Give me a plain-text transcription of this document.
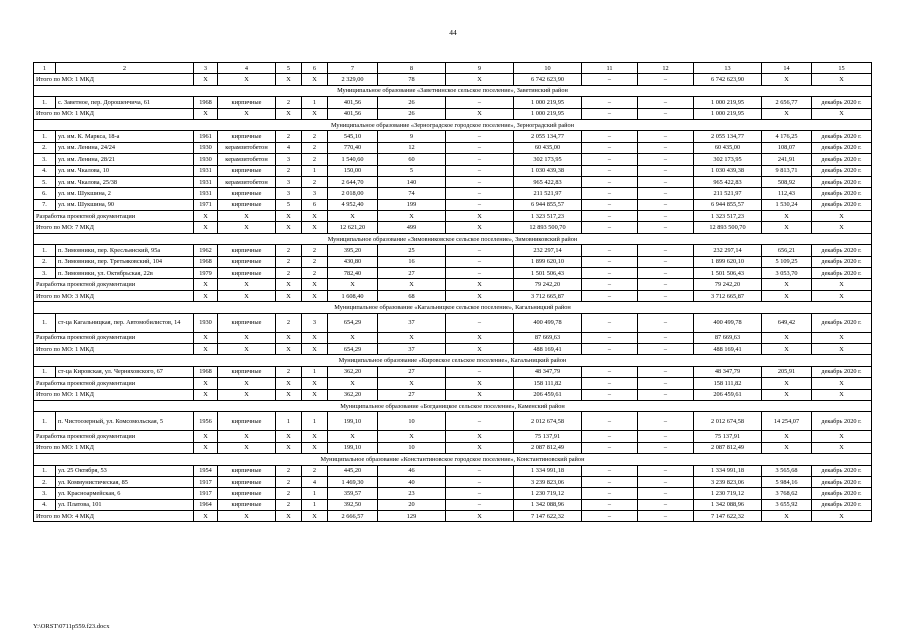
44
1	2	3	4	5	6	7	8	9	10	11	12	13	14	15
Итого по МО: 1 МКД		Х	Х	Х	Х	2 329,00	78	Х	6 742 623,90	–	–	6 742 623,90	Х	Х
Муниципальное образование «Заветнинское сельское поселение», Заветинский район														
1.	с. Заветное, пер. Дорошенчича, 61	1968	кирпичные	2	1	401,56	26	–	1 000 219,95	–	–	1 000 219,95	2 656,77	декабрь 2020 г.
Итого по МО: 1 МКД		Х	Х	Х	Х	401,56	26	Х	1 000 219,95	–	–	1 000 219,95	Х	Х
Муниципальное образование «Зерноградское городское поселение», Зерноградский район														
1.	ул. им. К. Маркса, 18-а	1961	кирпичные	2	2	545,10	9	–	2 055 134,77	–	–	2 055 134,77	4 176,25	декабрь 2020 г.
2.	ул. им. Ленина, 24/24	1930	керамзитобетон	4	2	770,40	12	–	60 435,00	–	–	60 435,00	108,07	декабрь 2020 г.
3.	ул. им. Ленина, 28/21	1930	керамзитобетон	3	2	1 540,60	60	–	302 173,95	–	–	302 173,95	241,91	декабрь 2020 г.
4.	ул. им. Чкалова, 10	1931	кирпичные	2	1	150,00	5	–	1 030 439,38	–	–	1 030 439,38	9 813,71	декабрь 2020 г.
5.	ул. им. Чкалова, 25/38	1931	керамзитобетон	3	2	2 644,70	140	–	965 422,83	–	–	965 422,83	508,92	декабрь 2020 г.
6.	ул. им. Шукшина, 2	1931	кирпичные	3	3	2 018,00	74	–	211 521,97	–	–	211 521,97	112,43	декабрь 2020 г.
7.	ул. им. Шукшина, 90	1971	кирпичные	5	6	4 952,40	199	–	6 944 855,57	–	–	6 944 855,57	1 530,24	декабрь 2020 г.
Разработка проектной документации		Х	Х	Х	Х	Х	Х	Х	1 323 517,23	–	–	1 323 517,23	Х	Х
Итого по МО: 7 МКД		Х	Х	Х	Х	12 621,20	499	Х	12 893 500,70	–	–	12 893 500,70	Х	Х
Муниципальное образование «Зимовниковское сельское поселение», Зимовниковский район														
1.	п. Зимовники, пер. Кресльянский, 95а	1962	кирпичные	2	2	395,20	25	–	232 297,14	–	–	232 297,14	656,21	декабрь 2020 г.
2.	п. Зимовники, пер. Третьяковский, 104	1968	кирпичные	2	2	430,80	16	–	1 899 620,10	–	–	1 899 620,10	5 109,25	декабрь 2020 г.
3.	п. Зимовники, ул. Октябрьская, 22в	1979	кирпичные	2	2	782,40	27	–	1 501 506,43	–	–	1 501 506,43	3 053,70	декабрь 2020 г.
Разработка проектной документации		Х	Х	Х	Х	Х	Х	Х	79 242,20	–	–	79 242,20	Х	Х
Итого по МО: 3 МКД		Х	Х	Х	Х	1 608,40	68	Х	3 712 665,87	–	–	3 712 665,87	Х	Х
Муниципальное образование «Кагальницкое сельское поселение», Кагальницкий район														
1.	ст-ца Кагальницкая, пер. Автомобилистов, 14	1930	кирпичные	2	3	654,29	37	–	400 499,78	–	–	400 499,78	649,42	декабрь 2020 г.
Разработка проектной документации		Х	Х	Х	Х	Х	Х	Х	87 669,63	–	–	87 669,63	Х	Х
Итого по МО: 1 МКД		Х	Х	Х	Х	654,29	37	Х	488 169,41	–	–	488 169,41	Х	Х
Муниципальное образование «Кировское сельское поселение», Кагальницкий район														
1.	ст-ца Кировская, ул. Черняховского, 67	1968	кирпичные	2	1	362,20	27	–	48 347,79	–	–	48 347,79	205,91	декабрь 2020 г.
Разработка проектной документации		Х	Х	Х	Х	Х	Х	Х	158 111,82	–	–	158 111,82	Х	Х
Итого по МО: 1 МКД		Х	Х	Х	Х	362,20	27	Х	206 459,61	–	–	206 459,61	Х	Х
Муниципальное образование «Богданицкое сельское поселение», Каменский район														
1.	п. Чистоозерный, ул. Комсомольская, 5	1956	кирпичные	1	1	199,10	10	–	2 012 674,58	–	–	2 012 674,58	14 254,07	декабрь 2020 г.
Разработка проектной документации		Х	Х	Х	Х	Х	Х	Х	75 137,91	–	–	75 137,91	Х	Х
Итого по МО: 1 МКД		Х	Х	Х	Х	199,10	10	Х	2 087 812,49	–	–	2 087 812,49	Х	Х
Муниципальное образование «Константиновское городское поселение», Константиновский район														
1.	ул. 25 Октября, 53	1954	кирпичные	2	2	445,20	46	–	1 334 991,18	–	–	1 334 991,18	3 565,68	декабрь 2020 г.
2.	ул. Коммунистическая, 85	1917	кирпичные	2	4	1 469,30	40	–	3 239 823,06	–	–	3 239 823,06	5 984,16	декабрь 2020 г.
3.	ул. Красноармейская, 6	1917	кирпичные	2	1	359,57	23	–	1 230 719,12	–	–	1 230 719,12	3 768,62	декабрь 2020 г.
4.	ул. Платова, 101	1964	кирпичные	2	1	392,50	20	–	1 342 088,96	–	–	1 342 088,96	3 655,92	декабрь 2020 г.
Итого по МО: 4 МКД		Х	Х	Х	Х	2 666,57	129	Х	7 147 622,32	–	–	7 147 622,32	Х	Х
Y:\ORST\0711p559.f23.docx
